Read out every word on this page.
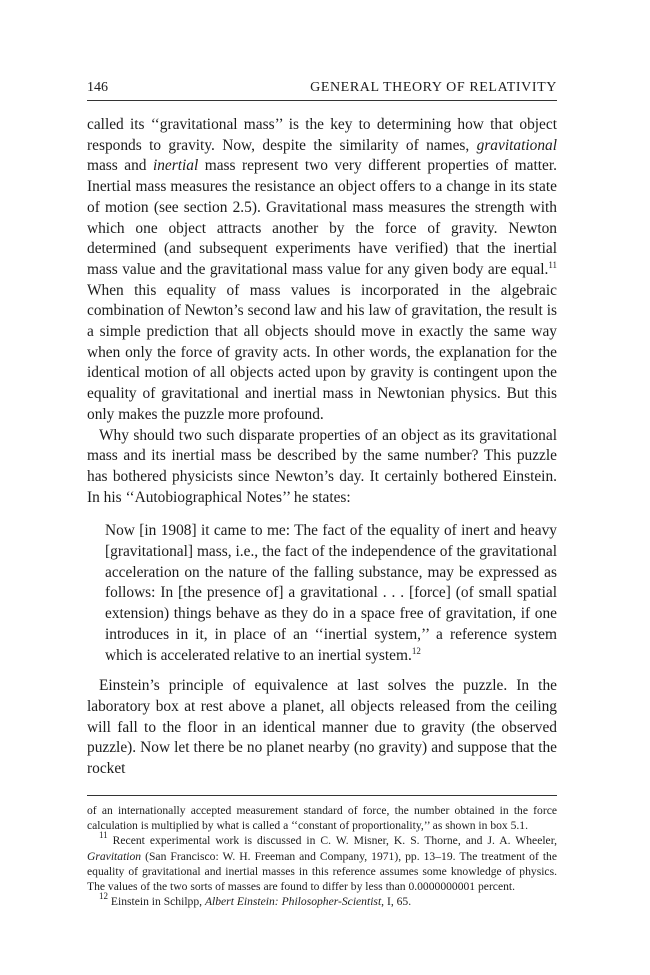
146	GENERAL THEORY OF RELATIVITY

called its ‘‘gravitational mass’’ is the key to determining how that object responds to gravity. Now, despite the similarity of names, gravitational mass and inertial mass represent two very different properties of matter. Inertial mass measures the resistance an object offers to a change in its state of motion (see section 2.5). Gravitational mass measures the strength with which one object attracts another by the force of gravity. Newton determined (and subsequent experiments have verified) that the inertial mass value and the gravitational mass value for any given body are equal.$^{11}$ When this equality of mass values is incorporated in the algebraic combination of Newton’s second law and his law of gravitation, the result is a simple prediction that all objects should move in exactly the same way when only the force of gravity acts. In other words, the explanation for the identical motion of all objects acted upon by gravity is contingent upon the equality of gravitational and inertial mass in Newtonian physics. But this only makes the puzzle more profound.

Why should two such disparate properties of an object as its gravitational mass and its inertial mass be described by the same number? This puzzle has bothered physicists since Newton’s day. It certainly bothered Einstein. In his ‘‘Autobiographical Notes’’ he states:

Now [in 1908] it came to me: The fact of the equality of inert and heavy [gravitational] mass, i.e., the fact of the independence of the gravitational acceleration on the nature of the falling substance, may be expressed as follows: In [the presence of] a gravitational . . . [force] (of small spatial extension) things behave as they do in a space free of gravitation, if one introduces in it, in place of an ‘‘inertial system,’’ a reference system which is accelerated relative to an inertial system.$^{12}$

Einstein’s principle of equivalence at last solves the puzzle. In the laboratory box at rest above a planet, all objects released from the ceiling will fall to the floor in an identical manner due to gravity (the observed puzzle). Now let there be no planet nearby (no gravity) and suppose that the rocket

of an internationally accepted measurement standard of force, the number obtained in the force calculation is multiplied by what is called a ‘‘constant of proportionality,’’ as shown in box 5.1.

$^{11}$ Recent experimental work is discussed in C. W. Misner, K. S. Thorne, and J. A. Wheeler, Gravitation (San Francisco: W. H. Freeman and Company, 1971), pp. 13–19. The treatment of the equality of gravitational and inertial masses in this reference assumes some knowledge of physics. The values of the two sorts of masses are found to differ by less than 0.0000000001 percent.

$^{12}$ Einstein in Schilpp, Albert Einstein: Philosopher-Scientist, I, 65.
